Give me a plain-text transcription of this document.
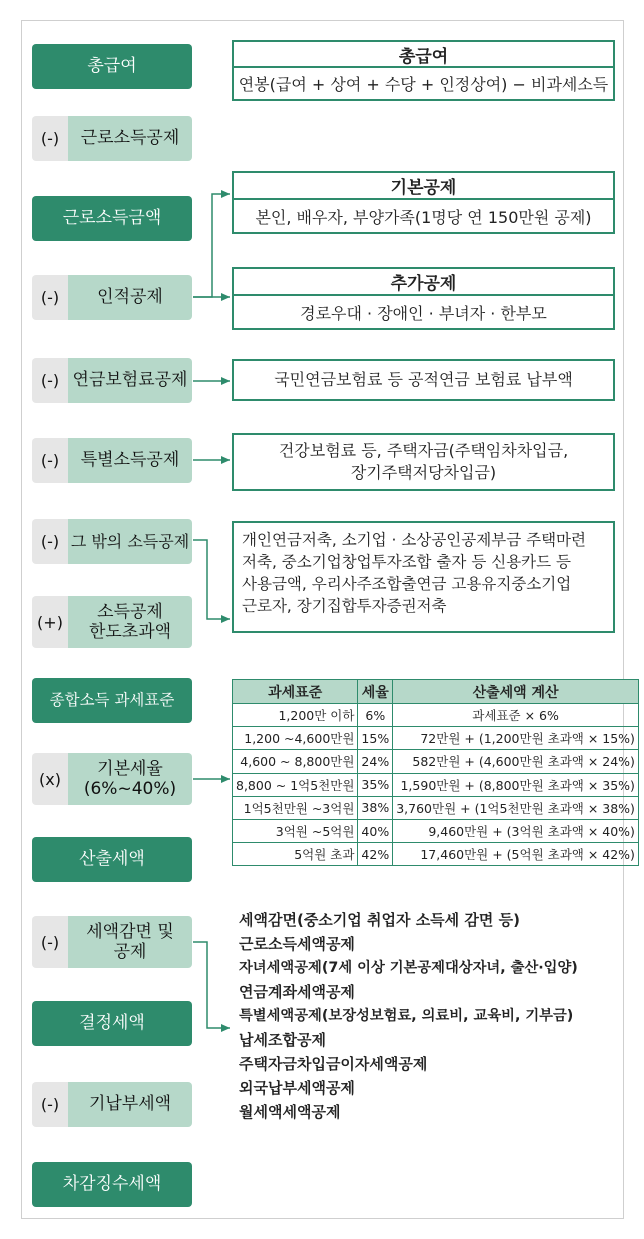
총급여
(-)	근로소득공제
근로소득금액
(-)	인적공제
(-) 연금보험료공제
(-)	특별소득공제
(-) 그 밖의 소득공제
(+)
소득공제
한도초과액
종합소득 과세표준
(x)
기본세율
(6%~40%)
산출세액
(-)
세액감면 및
공제
결정세액
(-)	기납부세액
차감징수세액
총급여
연봉(급여 + 상여 + 수당 + 인정상여) − 비과세소득
기본공제
본인, 배우자, 부양가족(1명당 연 150만원 공제)
추가공제
경로우대 · 장애인 · 부녀자 · 한부모
국민연금보험료 등 공적연금 보험료 납부액
건강보험료 등, 주택자금(주택임차차입금,
장기주택저당차입금)
개인연금저축, 소기업 · 소상공인공제부금 주택마련
저축, 중소기업창업투자조합 출자 등 신용카드 등
사용금액, 우리사주조합출연금 고용유지중소기업
근로자, 장기집합투자증권저축
과세표준	세율	산출세액 계산
1,200만 이하	6%	과세표준 × 6%
1,200 ~4,600만원	15%	72만원 + (1,200만원 초과액 × 15%)
4,600 ~ 8,800만원	24%	582만원 + (4,600만원 초과액 × 24%)
8,800 ~ 1억5천만원	35%	1,590만원 + (8,800만원 초과액 × 35%)
1억5천만원 ~3억원	38%	3,760만원 + (1억5천만원 초과액 × 38%)
3억원 ~5억원	40%	9,460만원 + (3억원 초과액 × 40%)
5억원 초과	42%	17,460만원 + (5억원 초과액 × 42%)
세액감면(중소기업 취업자 소득세 감면 등)
근로소득세액공제
자녀세액공제(7세 이상 기본공제대상자녀, 출산·입양)
연금계좌세액공제
특별세액공제(보장성보험료, 의료비, 교육비, 기부금)
납세조합공제
주택자금차입금이자세액공제
외국납부세액공제
월세액세액공제
